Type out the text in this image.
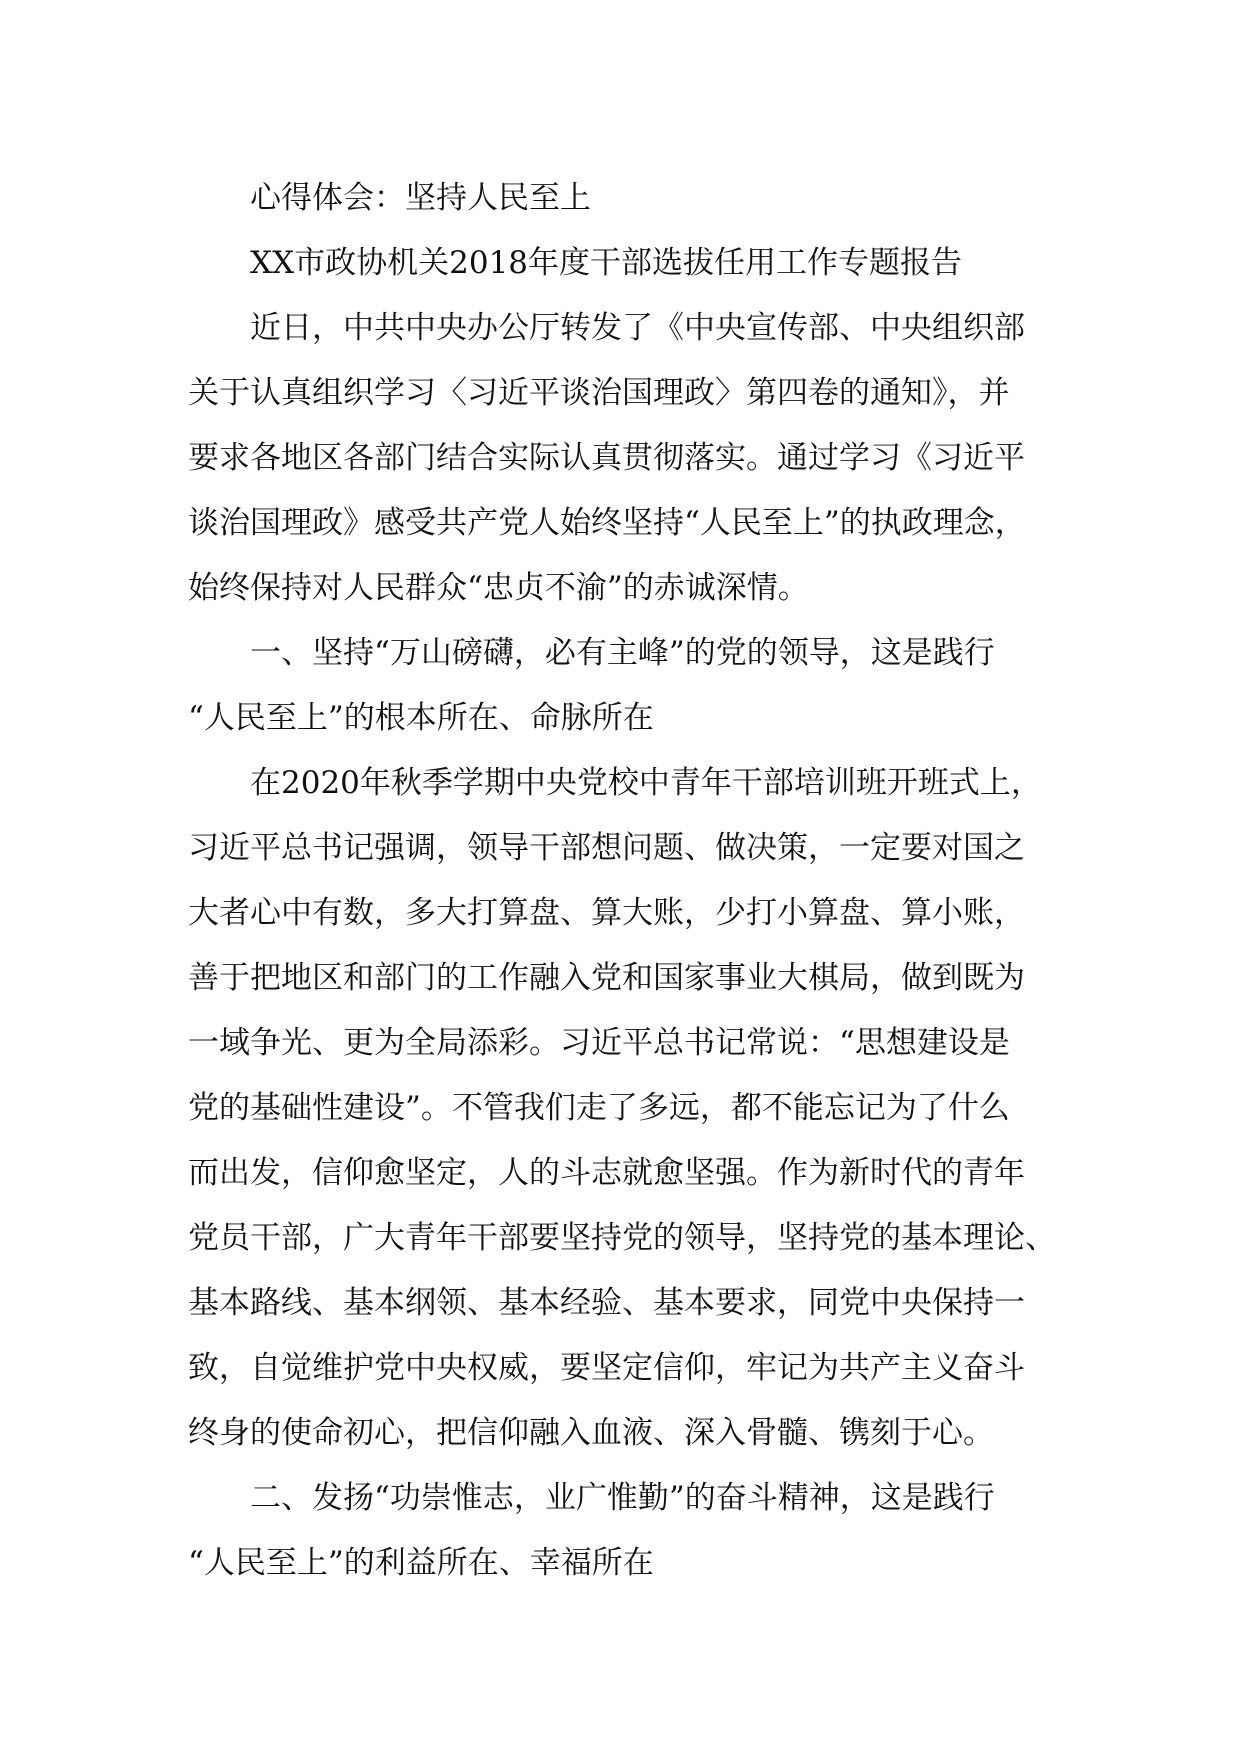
心得体会：坚持人民至上
XX市政协机关2018年度干部选拔任用工作专题报告
近日，中共中央办公厅转发了《中央宣传部、中央组织部
关于认真组织学习〈习近平谈治国理政〉第四卷的通知》，并
要求各地区各部门结合实际认真贯彻落实。通过学习《习近平
谈治国理政》感受共产党人始终坚持“人民至上”的执政理念，
始终保持对人民群众“忠贞不渝”的赤诚深情。
一、坚持“万山磅礴，必有主峰”的党的领导，这是践行
“人民至上”的根本所在、命脉所在
在2020年秋季学期中央党校中青年干部培训班开班式上，
习近平总书记强调，领导干部想问题、做决策，一定要对国之
大者心中有数，多大打算盘、算大账，少打小算盘、算小账，
善于把地区和部门的工作融入党和国家事业大棋局，做到既为
一域争光、更为全局添彩。习近平总书记常说：“思想建设是
党的基础性建设”。不管我们走了多远，都不能忘记为了什么
而出发，信仰愈坚定，人的斗志就愈坚强。作为新时代的青年
党员干部，广大青年干部要坚持党的领导，坚持党的基本理论、
基本路线、基本纲领、基本经验、基本要求，同党中央保持一
致，自觉维护党中央权威，要坚定信仰，牢记为共产主义奋斗
终身的使命初心，把信仰融入血液、深入骨髓、镌刻于心。
二、发扬“功崇惟志，业广惟勤”的奋斗精神，这是践行
“人民至上”的利益所在、幸福所在
